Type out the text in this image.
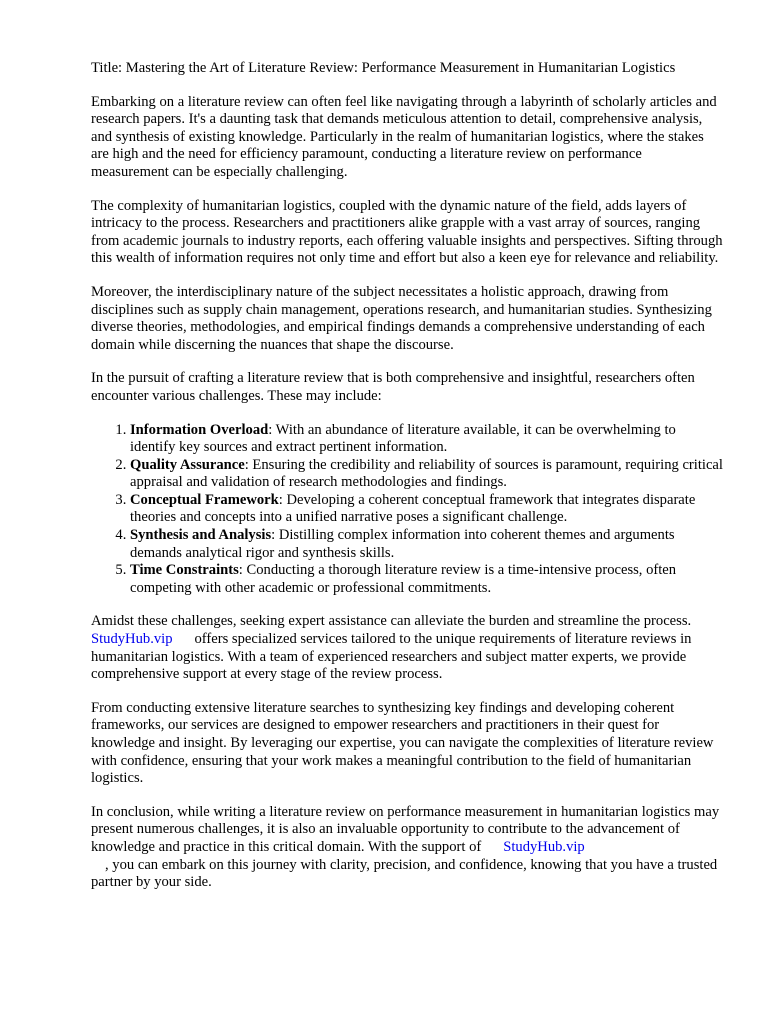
Title: Mastering the Art of Literature Review: Performance Measurement in Humanitarian Logistics

Embarking on a literature review can often feel like navigating through a labyrinth of scholarly articles and research papers. It's a daunting task that demands meticulous attention to detail, comprehensive analysis, and synthesis of existing knowledge. Particularly in the realm of humanitarian logistics, where the stakes are high and the need for efficiency paramount, conducting a literature review on performance measurement can be especially challenging.

The complexity of humanitarian logistics, coupled with the dynamic nature of the field, adds layers of intricacy to the process. Researchers and practitioners alike grapple with a vast array of sources, ranging from academic journals to industry reports, each offering valuable insights and perspectives. Sifting through this wealth of information requires not only time and effort but also a keen eye for relevance and reliability.

Moreover, the interdisciplinary nature of the subject necessitates a holistic approach, drawing from disciplines such as supply chain management, operations research, and humanitarian studies. Synthesizing diverse theories, methodologies, and empirical findings demands a comprehensive understanding of each domain while discerning the nuances that shape the discourse.

In the pursuit of crafting a literature review that is both comprehensive and insightful, researchers often encounter various challenges. These may include:

1. Information Overload: With an abundance of literature available, it can be overwhelming to identify key sources and extract pertinent information.
2. Quality Assurance: Ensuring the credibility and reliability of sources is paramount, requiring critical appraisal and validation of research methodologies and findings.
3. Conceptual Framework: Developing a coherent conceptual framework that integrates disparate theories and concepts into a unified narrative poses a significant challenge.
4. Synthesis and Analysis: Distilling complex information into coherent themes and arguments demands analytical rigor and synthesis skills.
5. Time Constraints: Conducting a thorough literature review is a time-intensive process, often competing with other academic or professional commitments.

Amidst these challenges, seeking expert assistance can alleviate the burden and streamline the process.StudyHub.vip offers specialized services tailored to the unique requirements of literature reviews in humanitarian logistics. With a team of experienced researchers and subject matter experts, we provide comprehensive support at every stage of the review process.

From conducting extensive literature searches to synthesizing key findings and developing coherent frameworks, our services are designed to empower researchers and practitioners in their quest for knowledge and insight. By leveraging our expertise, you can navigate the complexities of literature review with confidence, ensuring that your work makes a meaningful contribution to the field of humanitarian logistics.

In conclusion, while writing a literature review on performance measurement in humanitarian logistics may present numerous challenges, it is also an invaluable opportunity to contribute to the advancement of knowledge and practice in this critical domain. With the support of StudyHub.vip
, you can embark on this journey with clarity, precision, and confidence, knowing that you have a trusted partner by your side.
